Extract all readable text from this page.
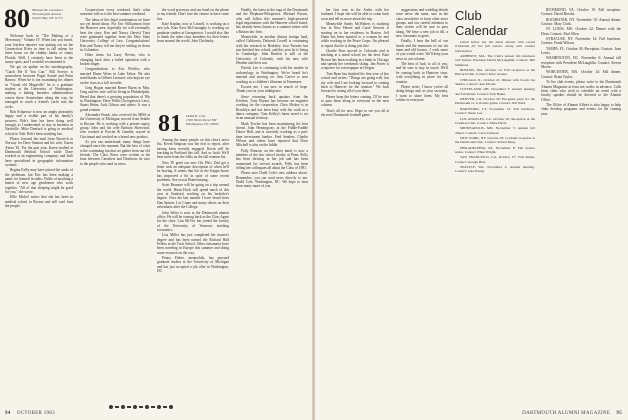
80 Michael M. Carothers
30 Lexington Avenue
Oyster Bay, NY 11771

Welcome back to "The Making of a Mercenary," Volume IV. When last you heard, your fearless reporter was putting out on the Connecticut River in time to fall asleep for three hours on the chubby banks of sunny Florida. Well, I certainly have been to the sunny spots, and I wouldn't recommend it.

We got an update on his autobiography, "Catch Me If You Can." Bill Screws is somewhere between Puget Sound and Point Barrow. When he is not examining his dinner in "Grand old Mugsville" he is a graduate student at the University of Washington, making a baking business administration course there. Somewhere along the way, he managed to crash a friend's yacht into the rocks.

Bob Schpector is now an amply pleasantly happy and a visible part of his family's prowess. Bob's firm has been doing well enough, as I understand, to stay in business in Nashville. Mike Dunford is going to medical school in Yale. Bob's been studying law.

Please forward the mail from Norwich to Norway for Dave Stanton and his wife, Karen Ahern '81. For the past year, Karen studied at Dartmouth Medical School while Dave worked at an engineering company; and both have specialized in geographic information systems.

Regina Kelly may have joined the ranks of the plebeians, but Eric has been making a name for himself in radio. Fields of anything a bunch of new age gentlemen who work together. "All of that sleeping might be good for you," she wrote.

Ellie Mickel writes that she has been in medical school in Boston and still can't beat the people.

Cooperstown every weekend, that's what someone told us is the best summer weekend.

The ideas of this legal combination we have not yet heard about. For Eric Williamson from the Hanover area, hopefully we will eventually hear the story. Ken and Nancy (Jarvis) Tietz were graduated together from the Ohio State University College of Law. Congratulations! Ken and Nancy tell me they're settling in down in Columbus.

Other items for Larry Nevins, who is changing back after a failed operation with a broken finger.

Congratulations to Eric Pfeiffer, who married Diane Weiss in Lake Tahoe. We also send thanks to Gilbert Leonard, who kept an eye on the class as a fall recorder.

Greg Hogan married Renee Burns in May. Greg and his wife will be living in Philadelphia. Heard that there's a growing population of '80s in Washington: Dave Willis (Georgetown Law), Stuart Heinz, Jack Gibson and others. It was a grand reunion.

Alexander Frank, who received his MBA at the University of Michigan, moved from Seattle to Boston. He is working with a private equity group. John and his wife Barbara Sherwood, who worked at Procter & Gamble, stayed in Cincinnati and worked on a brand new product.

As you can understand, many things have changed since the summer. But the best of what is the continuing fun that we gather from our old friends. The Class Notes were written at the hour between Carothers and Dearborn; be nice to the people who send us news.

the word processor and our hand on the phone to my friends. Don't lose the chance to have some fun.

Kate Kaplan, now at Cornell, is working on a new job. Kate Kerr McConaughy is working on graduate studies at Georgetown. I would also like to thank the other class members for their letters from around the world. John Chelinsky.

81 Dodd D. Cole
1500 Ninth Street NW
Washington, DC 20005

Among the many people on this class's news list, Kevin Simpson was the first to report, after having been recently engaged. Kevin will be teaching in Portland this fall. And so forth. We'll hear more from the folks on the fall reunion list.

Now I'll greet our new Chi Phi's. Dad got a letter with an adequate description of when he'll be leaving. It seems that life in the Kappa house has improved a bit in spite of some recent problems. See you at Homecoming.

Scott Brasmer will be going on a trip around the world. Brian Hock will spend much of this year at Stanford, working on his bachelor's degree. Over the last months I have heard from Dan Spitzer, Liz Crane and many others on their adventures after the College.

John Weiss is now at the Dartmouth alumni office. He will be coming back as the Class Agent for the class. Lisa McVey has joined the faculty of the University of Vermont, teaching economics.

Lisa Miller has just completed her master's degree and has been named the Richard Hall Fellow at the Tuck School. Other classmates have been traveling in Europe this summer and doing some research on the way.

Penny Fisher, meanwhile, has pursued graduate studies at the University of Michigan and has just accepted a job offer in Washington, DC.

Finally, the latest in the saga of the Dartmouth and the Elephant-Whisperers. Michael Brown, who will follow this summer's high-powered legal negotiations with the Hanover school board, has already been chosen as a summer intern with a Boston law firm.

Meanwhile, in another distant foreign land, called California, Deborah Cowell is continuing with her research in Berkeley. Jose Fuentes has just finished law school, and this year he is living in Cambridge. John Bartlett is still at the University of Colorado, with his new wife Heather and their son.

Patrick Lee is continuing with his studies in archaeology in Washington. We've heard he's married and moving on. Ann Carver is now working as a children's librarian in Tennessee.

Excuse me, I am now in search of hope. Thank you for your indulgence.

Since returning back upstairs from the Kitchen, Tony Bryant has become an engineer working for the corporation. Chris Hickey is in Brooklyn and has been busy with his work in a dance company. Tom Kelley's latest novel is set in an unusual territory.

Mark Fowler has been maintaining his best friend, John Hemingway, at the Fiddle-Faddle Dance Hall, and is currently working as a part-time investment banker. Fred Sanders, Charlie Wilson and others have reported that Dave Mitchell is also on the fiddle.

Polly Duncan, on the other hand, is now a member of the law school faculty at Penn. Polly has been thriving in her job and has been nominated for several awards. Polly has been telling her colleagues all about the Class of 1981.

Please note Dodd Cole's new address above. Remember, you can send news directly to me: Dodd Cole, Washington, DC. We hope to hear from many more of you.

94 OCTOBER 1983

her first tour in the Andes with her husband. I hope she will be able to come back soon and tell us more about the trip.

Meanwhile Sandy McWalters is studying law in New Haven and Carol Stevens is moving on to her residency in Boston. Jeff Dunn has been married to a woman he met while working in the Peace Corps. I'm pleased to report that he is doing just fine.

Charlie Ross moved to Colorado and is teaching at a small school for the deaf. Kate Brown has been working in a bank in Chicago and spends her weekends skiing. Jim Porter is a reporter for a newspaper in Oregon.

Tom Ryan has finished his first year of law school and writes: "Things are going well, but my wife and I are looking forward to coming back to Hanover for the reunion." We look forward to seeing all of you there.

Please keep the letters coming. I'll be sure to pass them along to everyone in the next column.

That's all for now. Hope to see you all at the next Dartmouth football game.

suggestions and wedding details were never the same, sure in the class newsletter or from other news groups, and our careful attention to their stories will be sure to pass along. We have a new job to fill, a new classmate to greet.

Finally, I hear the bell of our heads and the memories of our ski team and old houses. I wish more of you would write. We'll keep your news in our column.

The best of luck to all of you, and be sure to stay in touch. We'll be coming back to Hanover soon, with everything in place for the reunion.

Please write; I know you're all doing things and, as your secretary, I want to share them. My best wishes to everyone.

Club Calendar

Listed below are the latest alumni club events scheduled for the fall season, along with contact information.

AMHERST, MA. The Club's annual fall luncheon will feature President David McLaughlin. Contact: Bill Simmons.

BOSTON, MA. October 14: Fall reception at the Harvard Club. Contact: Peter Greene.

CHICAGO, IL. October 21: Dinner with Coach Joe Yukica. Contact: Ann Morris.

CLEVELAND, OH. November 3: Annual meeting and fall dinner. Contact: Tom Baker.

DENVER, CO. October 29: Pre-game party for the Dartmouth vs. Colorado game. Contact: Jim Ward.

HARTFORD, CT. November 12: Fall luncheon. Contact: Susan Lee.

LOS ANGELES, CA. October 20: Reception at the Jonathan Club. Contact: Mark Davis.

MINNEAPOLIS, MN. November 5: Annual fall dinner. Contact: Carol Johnson.

NEW YORK, NY. October 25: Cocktail reception at the Dartmouth Club. Contact: Robert King.

PHILADELPHIA, PA. November 8: Fall lecture series. Contact: Ellen Wright.

SAN FRANCISCO, CA. October 27: Fall dinner. Contact: George Hall.

SEATTLE, WA. November 2: Annual meeting. Contact: Lisa Young.

RICHMOND, VA. October 19: Fall reception. Contact: David Brooks.

ROCHESTER, NY. November 10: Annual dinner. Contact: Mary Clark.

ST. LOUIS, MO. October 22: Dinner with the Dean. Contact: Paul Allen.

SYRACUSE, NY. November 14: Fall luncheon. Contact: Frank Wilson.

TAMPA, FL. October 30: Reception. Contact: Joan Lewis.

WASHINGTON, DC. November 6: Annual fall reception with President McLaughlin. Contact: Steven Moore.

WORCESTER, MA. October 24: Fall dinner. Contact: Brian Taylor.

To list club events, please write to the Dartmouth Alumni Magazine at least ten weeks in advance. Calls from clubs who wish to schedule an event with a faculty speaker should be directed to the Alumni Office.

The Office of Alumni Affairs is also happy to help clubs develop programs and events for the coming year.

DARTMOUTH ALUMNI MAGAZINE 95
